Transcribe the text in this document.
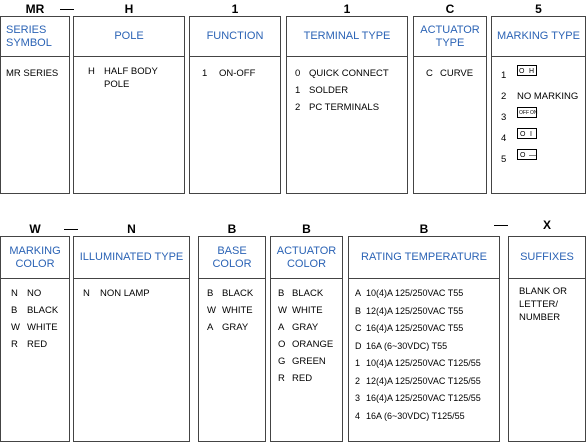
MR	H	1	1	C	5
SERIES SYMBOL
MR SERIES
POLE
H HALF BODY
POLE
FUNCTION
1	ON-OFF
TERMINAL TYPE
0 QUICK CONNECT
1 SOLDER
2 PC TERMINALS
ACTUATOR TYPE
C CURVE
MARKING TYPE
1	O H
2	NO MARKING
3	OFF ON
4	O I
5	O —
W	N	B	B	B	X
MARKING COLOR
N NO
B	BLACK
W WHITE
R RED
ILLUMINATED TYPE
N	NON LAMP
BASE COLOR
B BLACK
W WHITE
A GRAY
ACTUATOR COLOR
B BLACK
W WHITE
A GRAY
O ORANGE
G GREEN
R RED
RATING TEMPERATURE
A 10(4)A 125/250VAC T55
B 12(4)A 125/250VAC T55
C 16(4)A 125/250VAC T55
D 16A (6~30VDC) T55
1 10(4)A 125/250VAC T125/55
2 12(4)A 125/250VAC T125/55
3 16(4)A 125/250VAC T125/55
4 16A (6~30VDC) T125/55
SUFFIXES
BLANK OR
LETTER/
NUMBER
